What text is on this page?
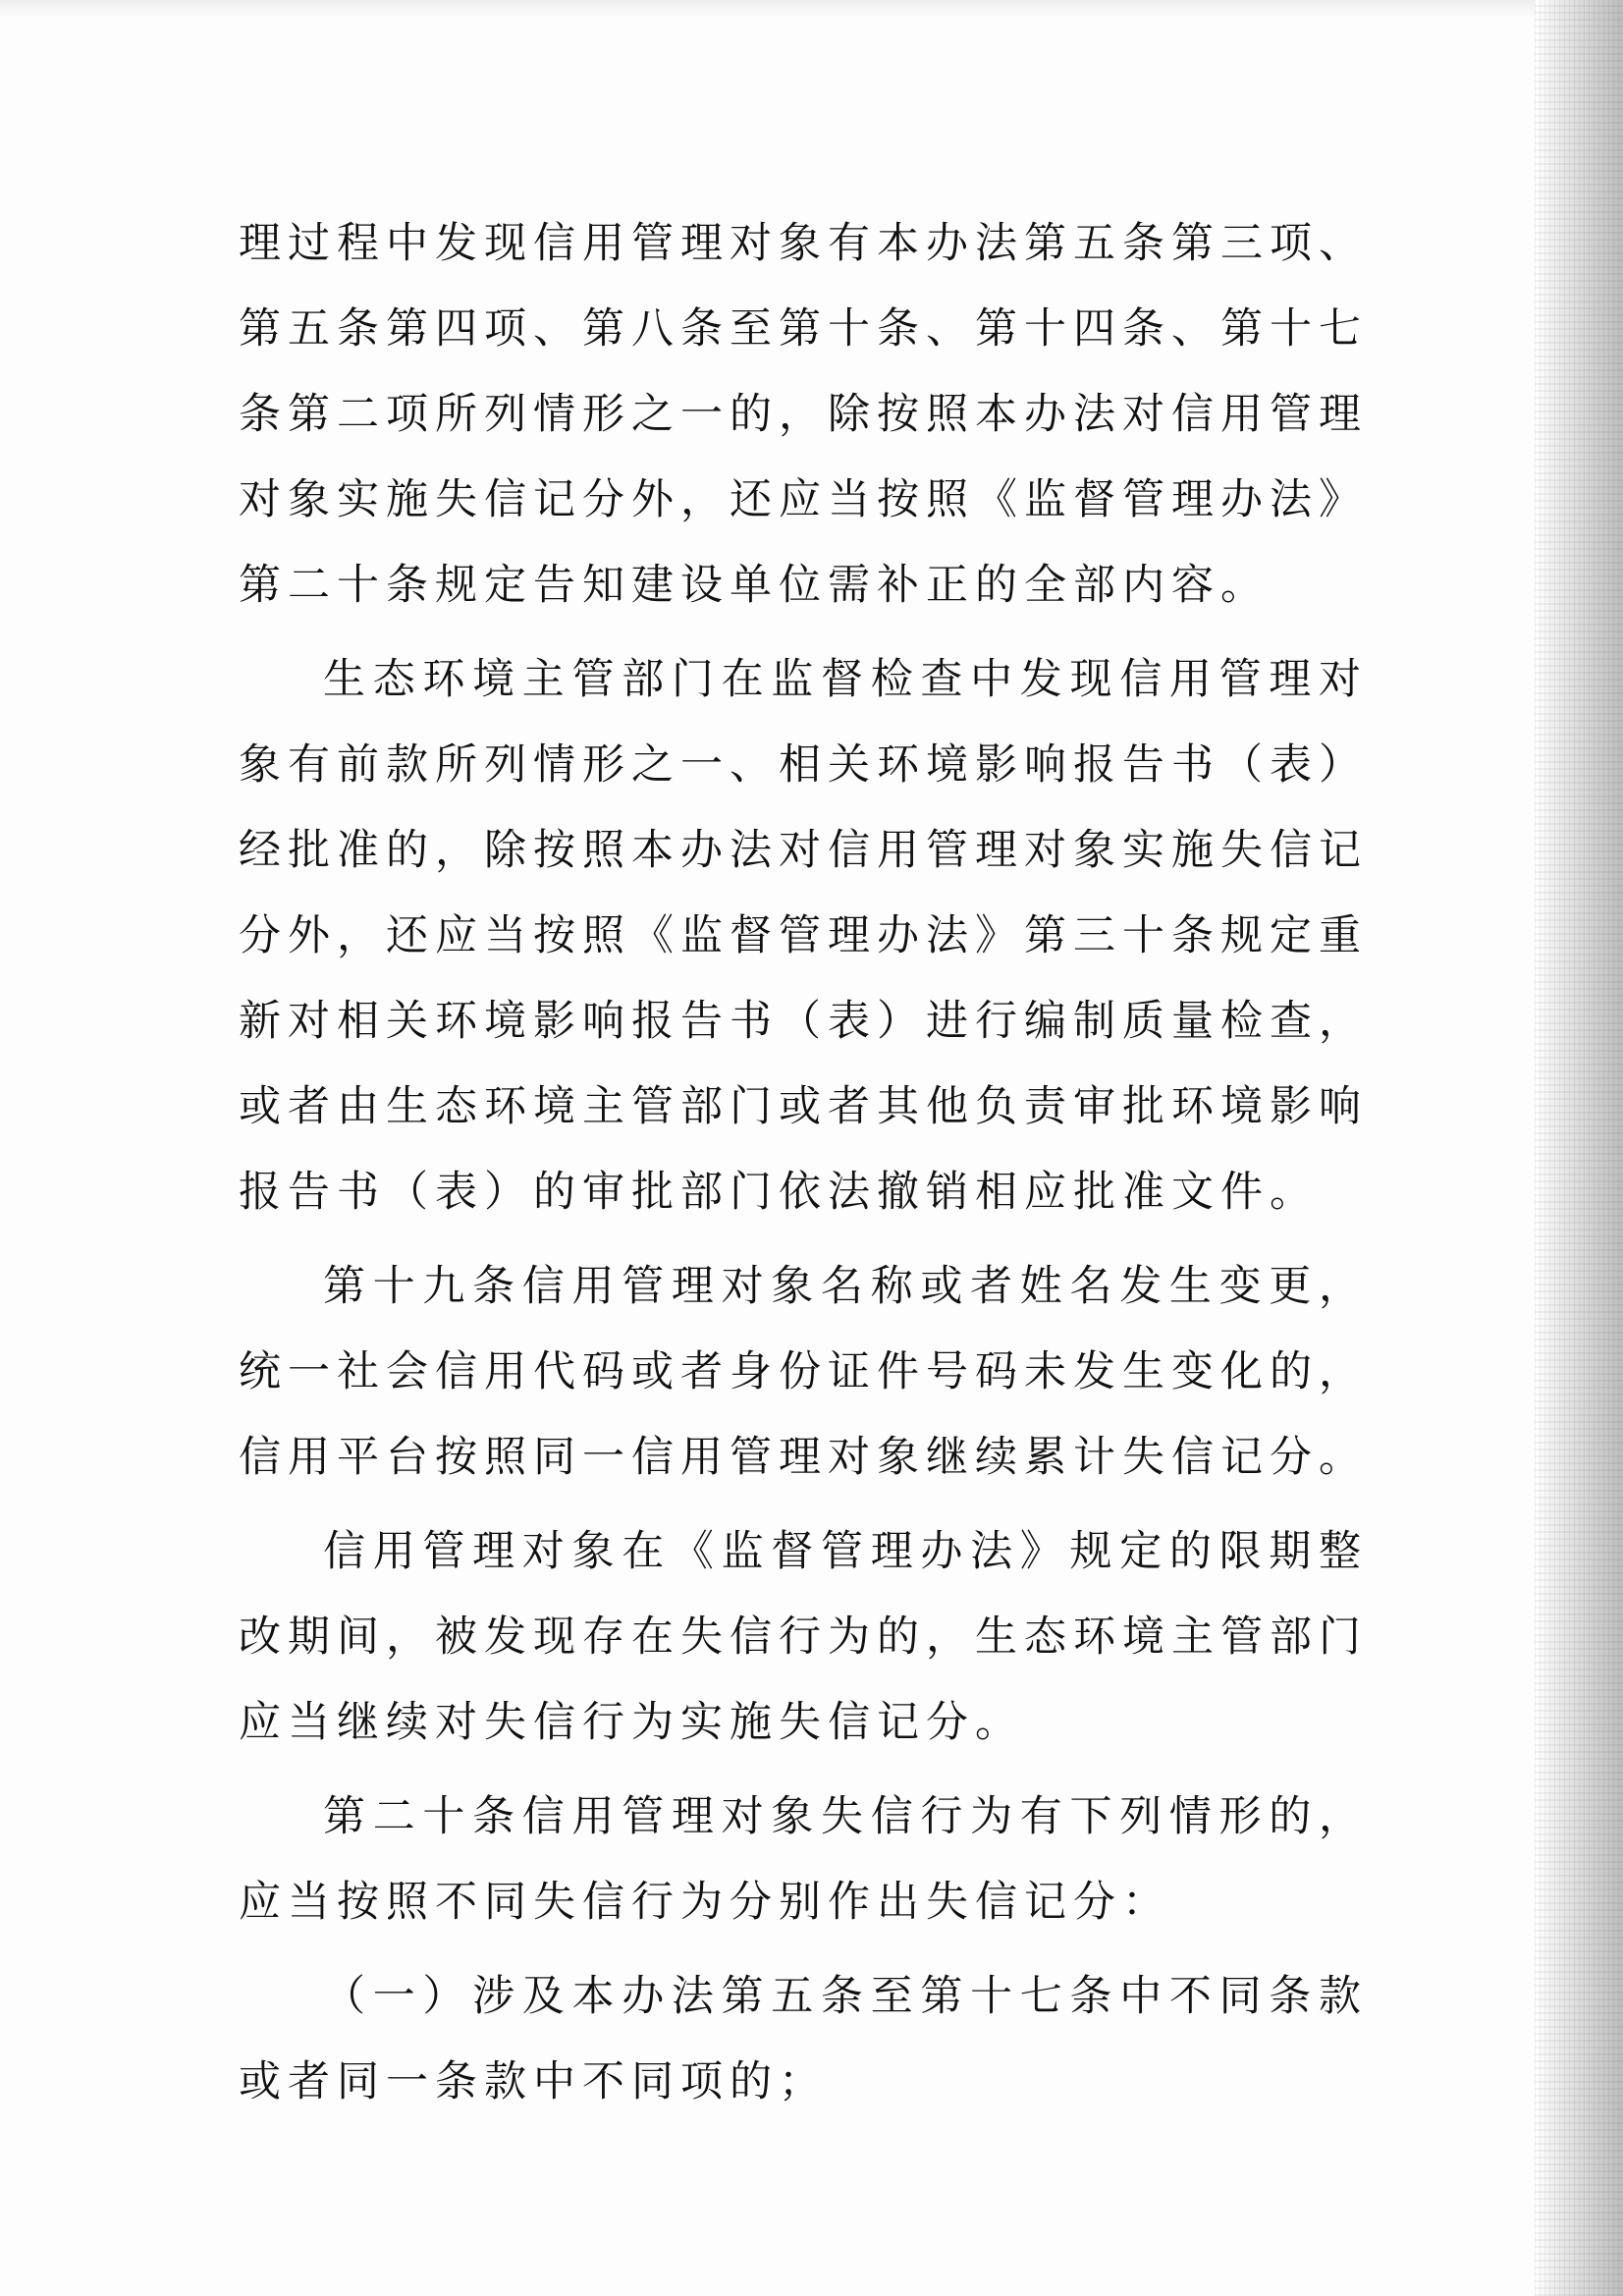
理过程中发现信用管理对象有本办法第五条第三项、第五条第四项、第八条至第十条、第十四条、第十七条第二项所列情形之一的，除按照本办法对信用管理对象实施失信记分外，还应当按照《监督管理办法》第二十条规定告知建设单位需补正的全部内容。

生态环境主管部门在监督检查中发现信用管理对象有前款所列情形之一、相关环境影响报告书（表）经批准的，除按照本办法对信用管理对象实施失信记分外，还应当按照《监督管理办法》第三十条规定重新对相关环境影响报告书（表）进行编制质量检查，或者由生态环境主管部门或者其他负责审批环境影响报告书（表）的审批部门依法撤销相应批准文件。

第十九条信用管理对象名称或者姓名发生变更，统一社会信用代码或者身份证件号码未发生变化的，信用平台按照同一信用管理对象继续累计失信记分。

信用管理对象在《监督管理办法》规定的限期整改期间，被发现存在失信行为的，生态环境主管部门应当继续对失信行为实施失信记分。

第二十条信用管理对象失信行为有下列情形的，应当按照不同失信行为分别作出失信记分：

（一）涉及本办法第五条至第十七条中不同条款或者同一条款中不同项的；
